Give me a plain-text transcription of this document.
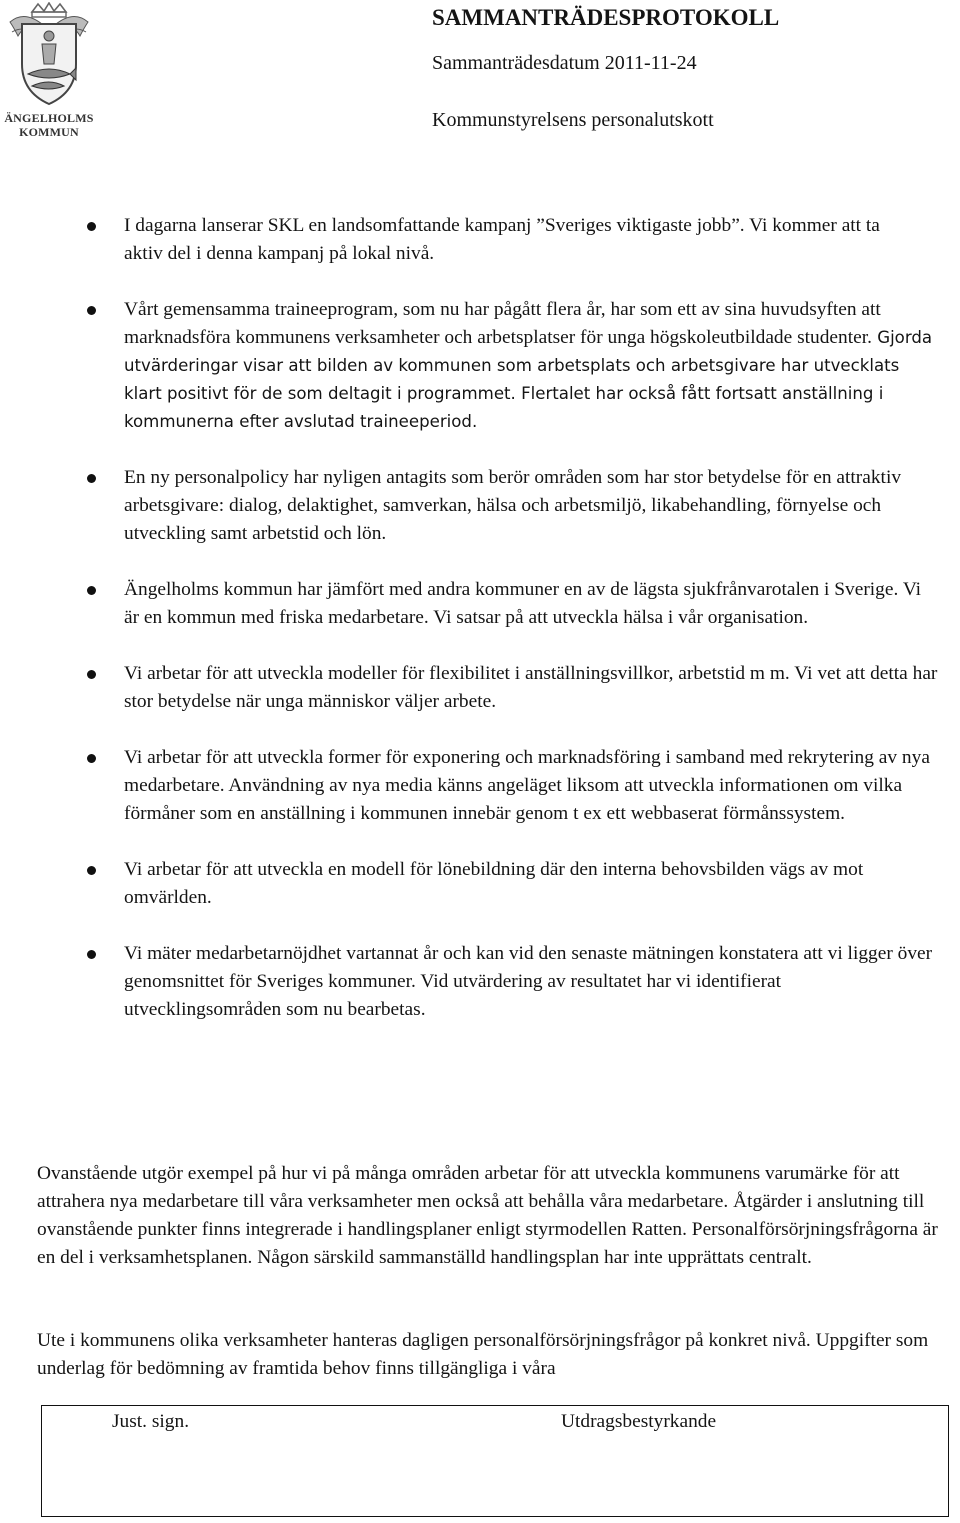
ÄNGELHOLMS
KOMMUN

SAMMANTRÄDESPROTOKOLL

Sammanträdesdatum 2011-11-24

Kommunstyrelsens personalutskott

I dagarna lanserar SKL en landsomfattande kampanj ”Sveriges viktigaste jobb”. Vi kommer att ta aktiv del i denna kampanj på lokal nivå.
Vårt gemensamma traineeprogram, som nu har pågått flera år, har som ett av sina huvudsyften att marknadsföra kommunens verksamheter och arbetsplatser för unga högskoleutbildade studenter. Gjorda utvärderingar visar att bilden av kommunen som arbetsplats och arbetsgivare har utvecklats klart positivt för de som deltagit i programmet. Flertalet har också fått fortsatt anställning i kommunerna efter avslutad traineeperiod.
En ny personalpolicy har nyligen antagits som berör områden som har stor betydelse för en attraktiv arbetsgivare: dialog, delaktighet, samverkan, hälsa och arbetsmiljö, likabehandling, förnyelse och utveckling samt arbetstid och lön.
Ängelholms kommun har jämfört med andra kommuner en av de lägsta sjukfrånvarotalen i Sverige. Vi är en kommun med friska medarbetare. Vi satsar på att utveckla hälsa i vår organisation.
Vi arbetar för att utveckla modeller för flexibilitet i anställningsvillkor, arbetstid m m. Vi vet att detta har stor betydelse när unga människor väljer arbete.
Vi arbetar för att utveckla former för exponering och marknadsföring i samband med rekrytering av nya medarbetare. Användning av nya media känns angeläget liksom att utveckla informationen om vilka förmåner som en anställning i kommunen innebär genom t ex ett webbaserat förmånssystem.
Vi arbetar för att utveckla en modell för lönebildning där den interna behovsbilden vägs av mot omvärlden.
Vi mäter medarbetarnöjdhet vartannat år och kan vid den senaste mätningen konstatera att vi ligger över genomsnittet för Sveriges kommuner. Vid utvärdering av resultatet har vi identifierat utvecklingsområden som nu bearbetas.

Ovanstående utgör exempel på hur vi på många områden arbetar för att utveckla kommunens varumärke för att attrahera nya medarbetare till våra verksamheter men också att behålla våra medarbetare. Åtgärder i anslutning till ovanstående punkter finns integrerade i handlingsplaner enligt styrmodellen Ratten. Personalförsörjningsfrågorna är en del i verksamhetsplanen. Någon särskild sammanställd handlingsplan har inte upprättats centralt.

Ute i kommunens olika verksamheter hanteras dagligen personalförsörjningsfrågor på konkret nivå. Uppgifter som underlag för bedömning av framtida behov finns tillgängliga i våra

Just. sign.	Utdragsbestyrkande
